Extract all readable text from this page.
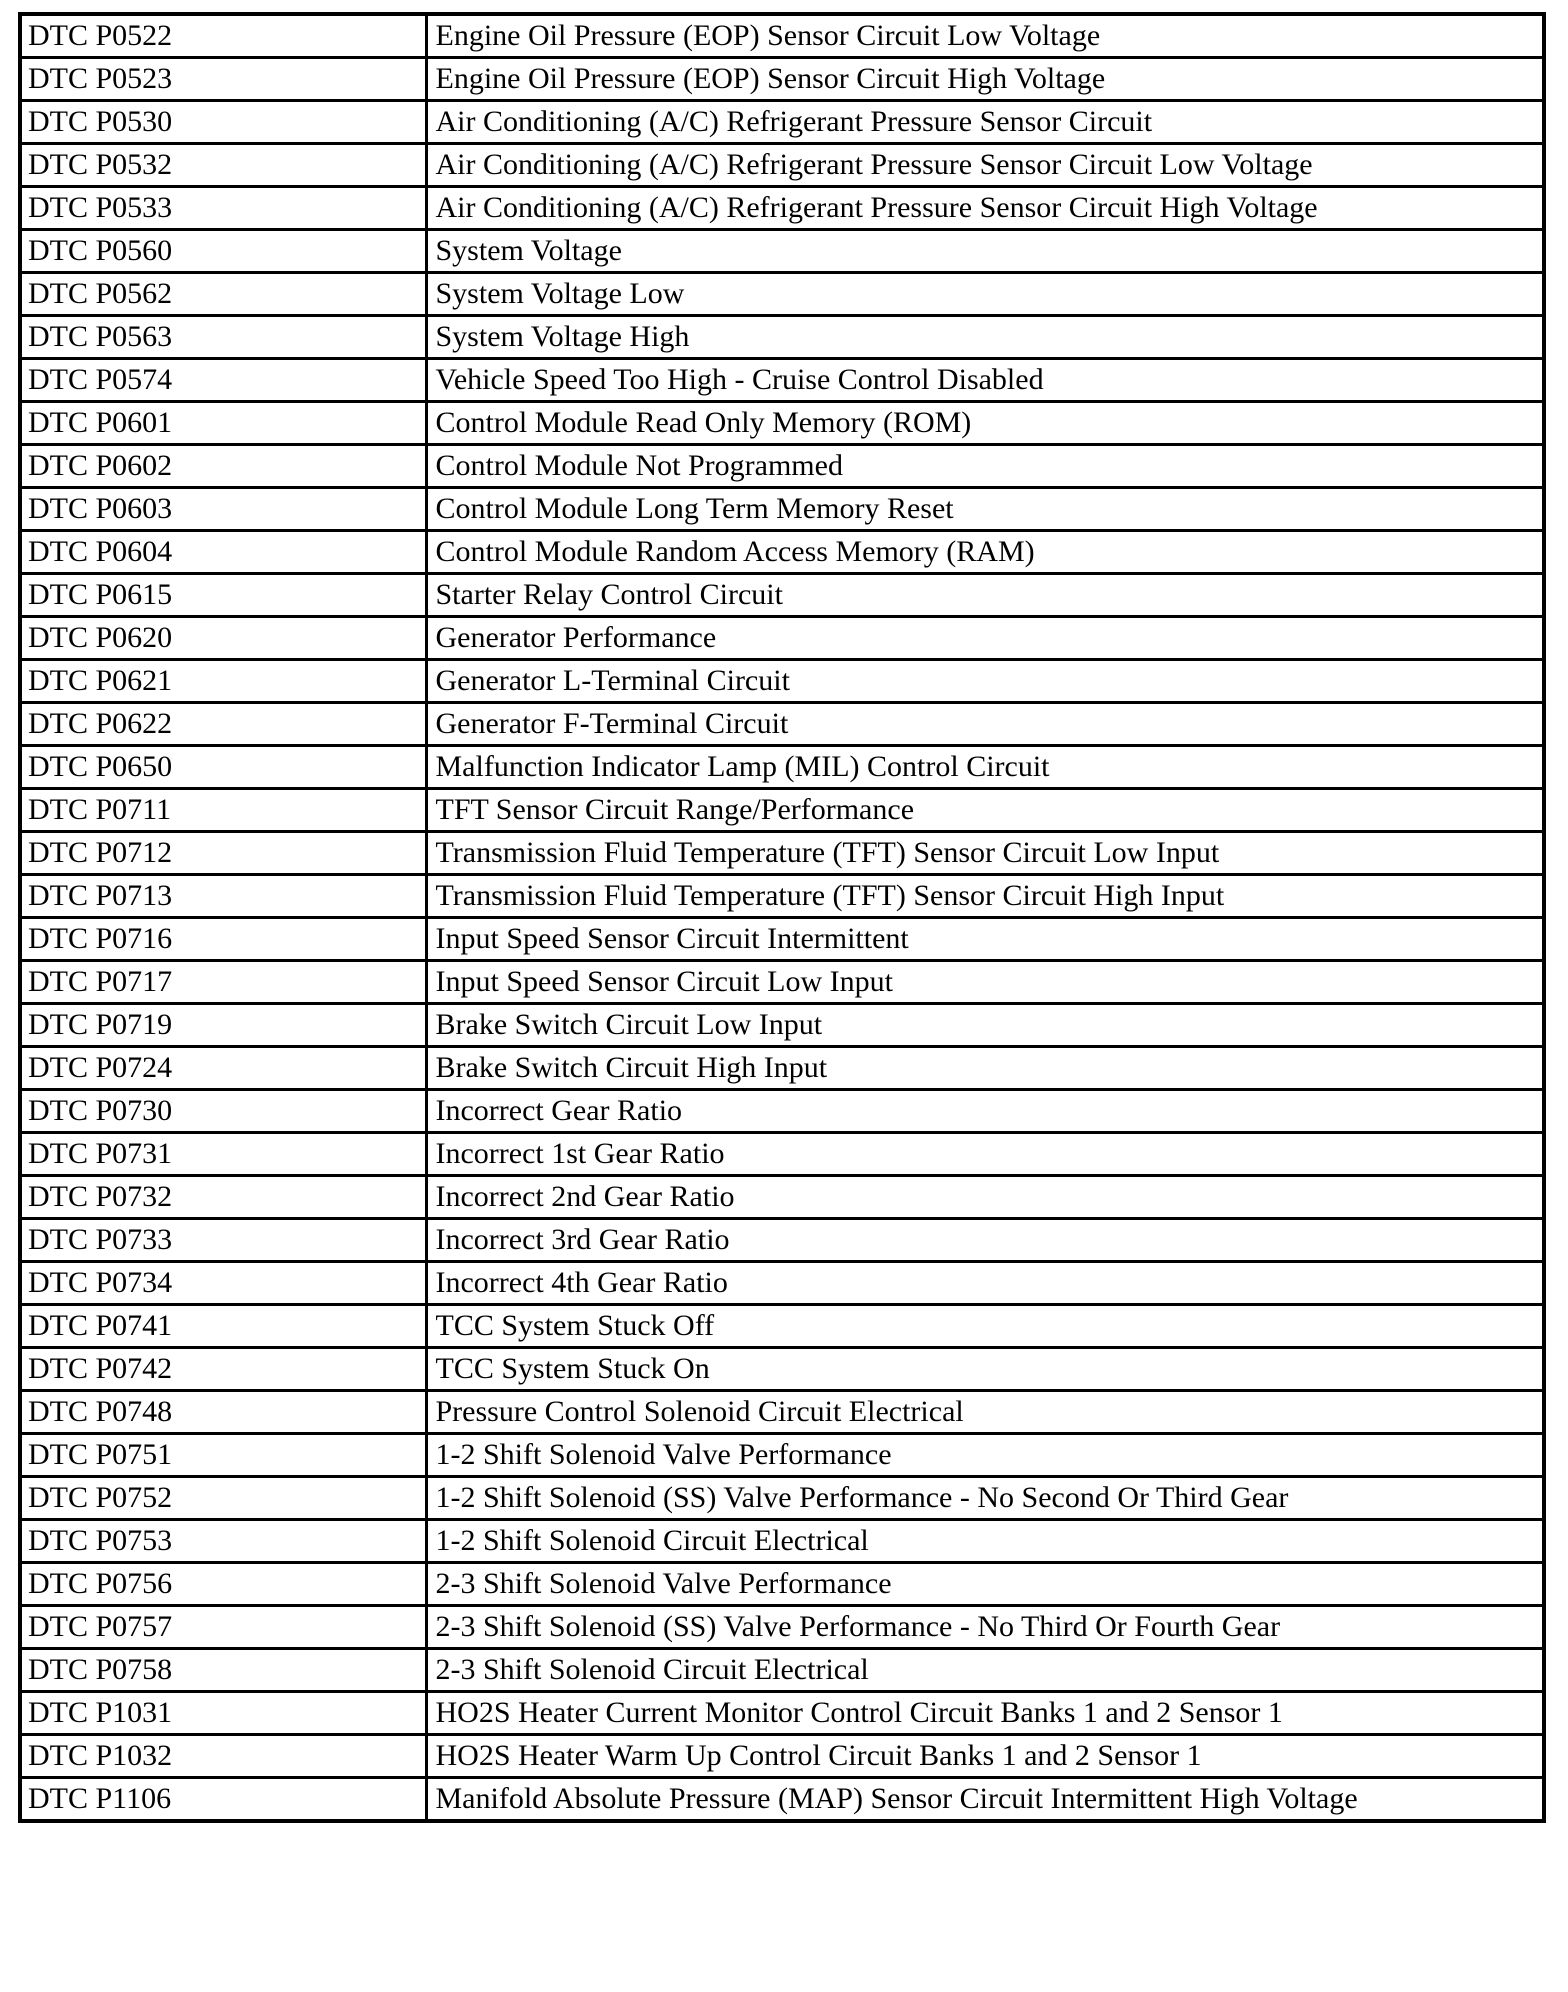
DTC P0522	Engine Oil Pressure (EOP) Sensor Circuit Low Voltage
DTC P0523	Engine Oil Pressure (EOP) Sensor Circuit High Voltage
DTC P0530	Air Conditioning (A/C) Refrigerant Pressure Sensor Circuit
DTC P0532	Air Conditioning (A/C) Refrigerant Pressure Sensor Circuit Low Voltage
DTC P0533	Air Conditioning (A/C) Refrigerant Pressure Sensor Circuit High Voltage
DTC P0560	System Voltage
DTC P0562	System Voltage Low
DTC P0563	System Voltage High
DTC P0574	Vehicle Speed Too High - Cruise Control Disabled
DTC P0601	Control Module Read Only Memory (ROM)
DTC P0602	Control Module Not Programmed
DTC P0603	Control Module Long Term Memory Reset
DTC P0604	Control Module Random Access Memory (RAM)
DTC P0615	Starter Relay Control Circuit
DTC P0620	Generator Performance
DTC P0621	Generator L-Terminal Circuit
DTC P0622	Generator F-Terminal Circuit
DTC P0650	Malfunction Indicator Lamp (MIL) Control Circuit
DTC P0711	TFT Sensor Circuit Range/Performance
DTC P0712	Transmission Fluid Temperature (TFT) Sensor Circuit Low Input
DTC P0713	Transmission Fluid Temperature (TFT) Sensor Circuit High Input
DTC P0716	Input Speed Sensor Circuit Intermittent
DTC P0717	Input Speed Sensor Circuit Low Input
DTC P0719	Brake Switch Circuit Low Input
DTC P0724	Brake Switch Circuit High Input
DTC P0730	Incorrect Gear Ratio
DTC P0731	Incorrect 1st Gear Ratio
DTC P0732	Incorrect 2nd Gear Ratio
DTC P0733	Incorrect 3rd Gear Ratio
DTC P0734	Incorrect 4th Gear Ratio
DTC P0741	TCC System Stuck Off
DTC P0742	TCC System Stuck On
DTC P0748	Pressure Control Solenoid Circuit Electrical
DTC P0751	1-2 Shift Solenoid Valve Performance
DTC P0752	1-2 Shift Solenoid (SS) Valve Performance - No Second Or Third Gear
DTC P0753	1-2 Shift Solenoid Circuit Electrical
DTC P0756	2-3 Shift Solenoid Valve Performance
DTC P0757	2-3 Shift Solenoid (SS) Valve Performance - No Third Or Fourth Gear
DTC P0758	2-3 Shift Solenoid Circuit Electrical
DTC P1031	HO2S Heater Current Monitor Control Circuit Banks 1 and 2 Sensor 1
DTC P1032	HO2S Heater Warm Up Control Circuit Banks 1 and 2 Sensor 1
DTC P1106	Manifold Absolute Pressure (MAP) Sensor Circuit Intermittent High Voltage
